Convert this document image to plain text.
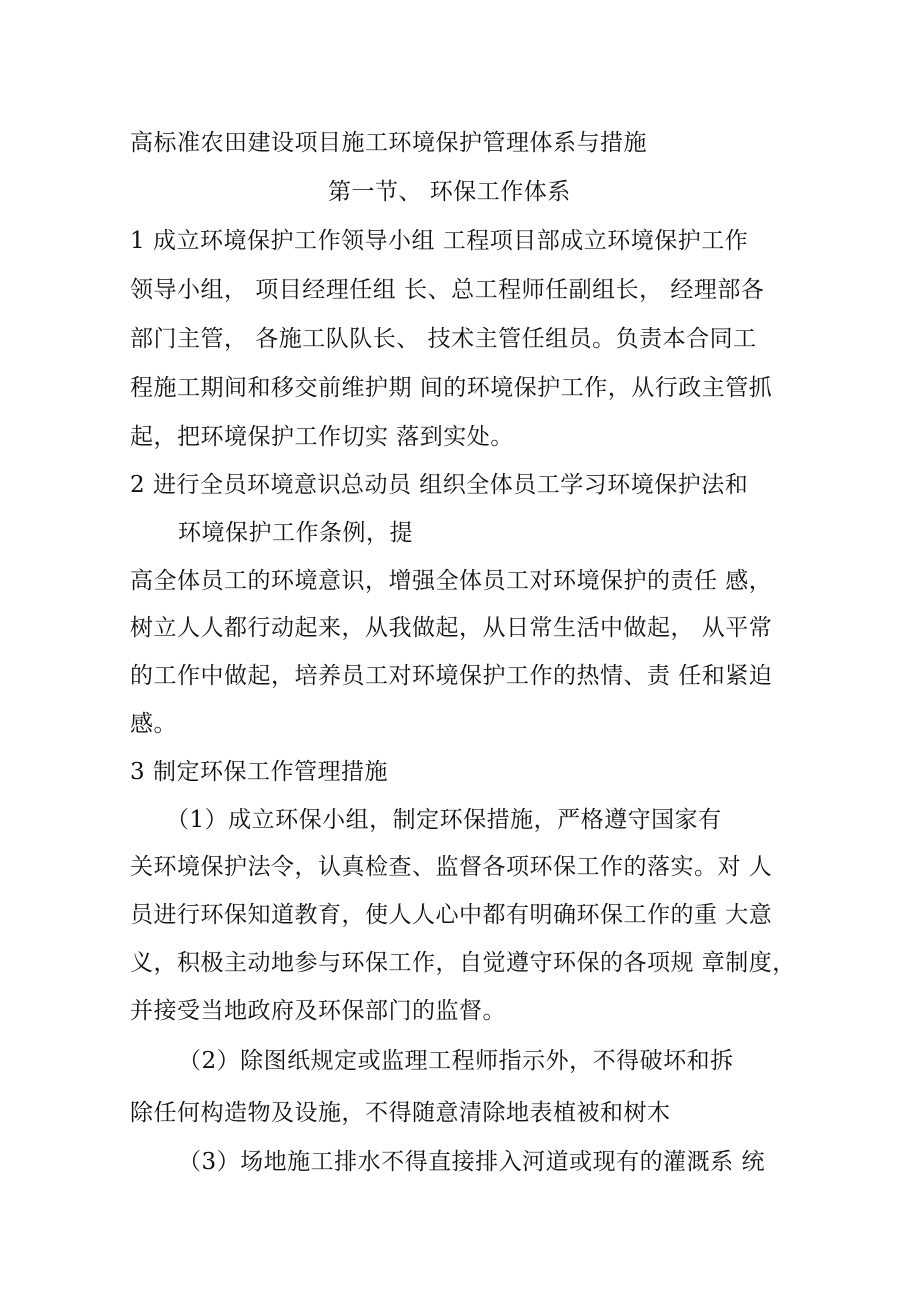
高标准农田建设项目施工环境保护管理体系与措施
第一节、 环保工作体系
1 成立环境保护工作领导小组 工程项目部成立环境保护工作
领导小组， 项目经理任组 长、总工程师任副组长， 经理部各
部门主管， 各施工队队长、 技术主管任组员。负责本合同工
程施工期间和移交前维护期 间的环境保护工作，从行政主管抓
起，把环境保护工作切实 落到实处。
2 进行全员环境意识总动员 组织全体员工学习环境保护法和
环境保护工作条例，提
高全体员工的环境意识，增强全体员工对环境保护的责任 感，
树立人人都行动起来，从我做起，从日常生活中做起， 从平常
的工作中做起，培养员工对环境保护工作的热情、责 任和紧迫
感。
3 制定环保工作管理措施
（1）成立环保小组，制定环保措施，严格遵守国家有
关环境保护法令，认真检查、监督各项环保工作的落实。对 人
员进行环保知道教育，使人人心中都有明确环保工作的重 大意
义，积极主动地参与环保工作，自觉遵守环保的各项规 章制度，
并接受当地政府及环保部门的监督。
（2）除图纸规定或监理工程师指示外，不得破坏和拆
除任何构造物及设施，不得随意清除地表植被和树木
（3）场地施工排水不得直接排入河道或现有的灌溉系 统
